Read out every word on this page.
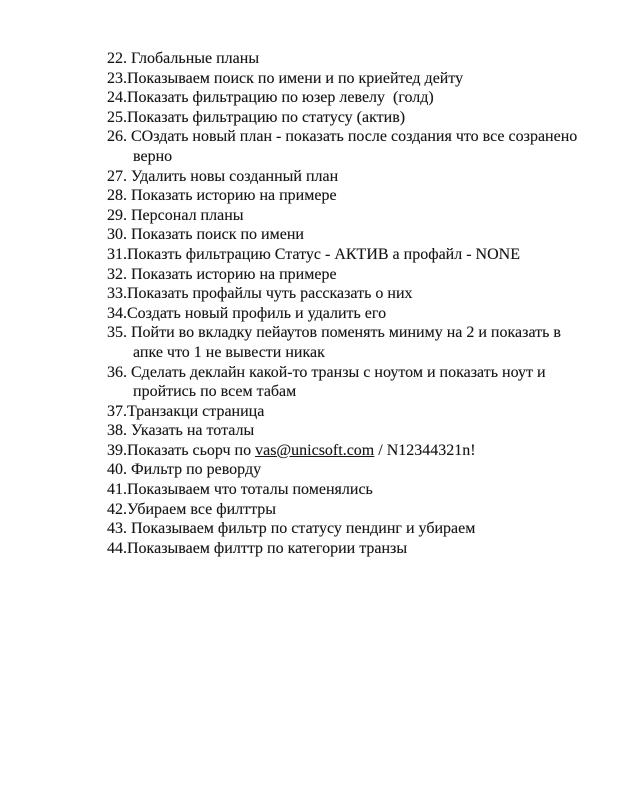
22. Глобальные планы
23.Показываем поиск по имени и по криейтед дейту
24.Показать фильтрацию по юзер левелу  (голд)
25.Показать фильтрацию по статусу (актив)
26. СОздать новый план - показать после создания что все созранено
верно
27. Удалить новы созданный план
28. Показать историю на примере
29. Персонал планы
30. Показать поиск по имени
31.Показть фильтрацию Статус - АКТИВ а профайл - NONE
32. Показать историю на примере
33.Показать профайлы чуть рассказать о них
34.Создать новый профиль и удалить его
35. Пойти во вкладку пейаутов поменять миниму на 2 и показать в
апке что 1 не вывести никак
36. Сделать деклайн какой-то транзы с ноутом и показать ноут и
пройтись по всем табам
37.Транзакци страница
38. Указать на тоталы
39.Показать сьорч по vas@unicsoft.com / N12344321n!
40. Фильтр по реворду
41.Показываем что тоталы поменялись
42.Убираем все филттры
43. Показываем фильтр по статусу пендинг и убираем
44.Показываем филттр по категории транзы
